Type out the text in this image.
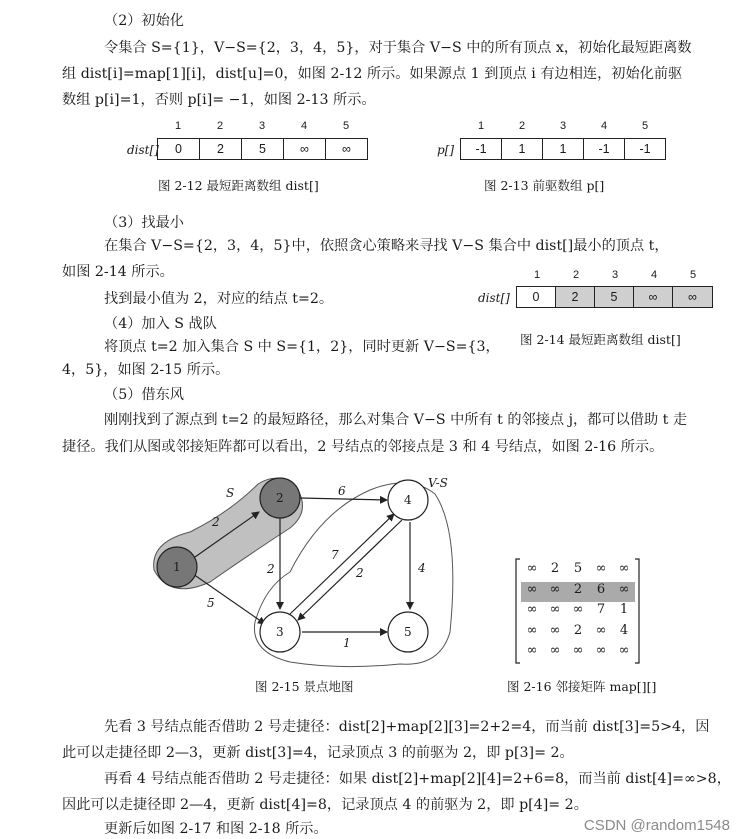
（2）初始化
令集合 S={1}，V−S={2，3，4，5}，对于集合 V−S 中的所有顶点 x，初始化最短距离数
组 dist[i]=map[1][i]，dist[u]=0，如图 2-12 所示。如果源点 1 到顶点 i 有边相连，初始化前驱
数组 p[i]=1，否则 p[i]= −1，如图 2-13 所示。
dist[]
1	2	3	4	5
0	2	5	∞	∞
图 2-12 最短距离数组 dist[]
p[]
1	2	3	4	5
-1	1	1	-1	-1
图 2-13 前驱数组 p[]
（3）找最小
在集合 V−S={2，3，4，5}中，依照贪心策略来寻找 V−S 集合中 dist[]最小的顶点 t，
如图 2-14 所示。
找到最小值为 2，对应的结点 t=2。	dist[]
1	2	3	4	5
0	2	5	∞	∞
图 2-14 最短距离数组 dist[]
（4）加入 S 战队
将顶点 t=2 加入集合 S 中 S={1，2}，同时更新 V−S={3，
4，5}，如图 2-15 所示。
（5）借东风
刚刚找到了源点到 t=2 的最短路径，那么对集合 V−S 中所有 t 的邻接点 j，都可以借助 t 走
捷径。我们从图或邻接矩阵都可以看出，2 号结点的邻接点是 3 和 4 号结点，如图 2-16 所示。
S
V-S
1
2
3
4
5
2
5
6
2
7
2	4
1
图 2-15 景点地图
∞	2	5	∞ ∞
∞ ∞	2	6	∞
∞ ∞ ∞	7	1
∞ ∞	2	∞	4
∞ ∞ ∞ ∞ ∞
图 2-16 邻接矩阵 map[][]
先看 3 号结点能否借助 2 号走捷径：dist[2]+map[2][3]=2+2=4，而当前 dist[3]=5>4，因
此可以走捷径即 2—3，更新 dist[3]=4，记录顶点 3 的前驱为 2，即 p[3]= 2。
再看 4 号结点能否借助 2 号走捷径：如果 dist[2]+map[2][4]=2+6=8，而当前 dist[4]=∞>8，
因此可以走捷径即 2—4，更新 dist[4]=8，记录顶点 4 的前驱为 2，即 p[4]= 2。
更新后如图 2-17 和图 2-18 所示。	CSDN @random1548
